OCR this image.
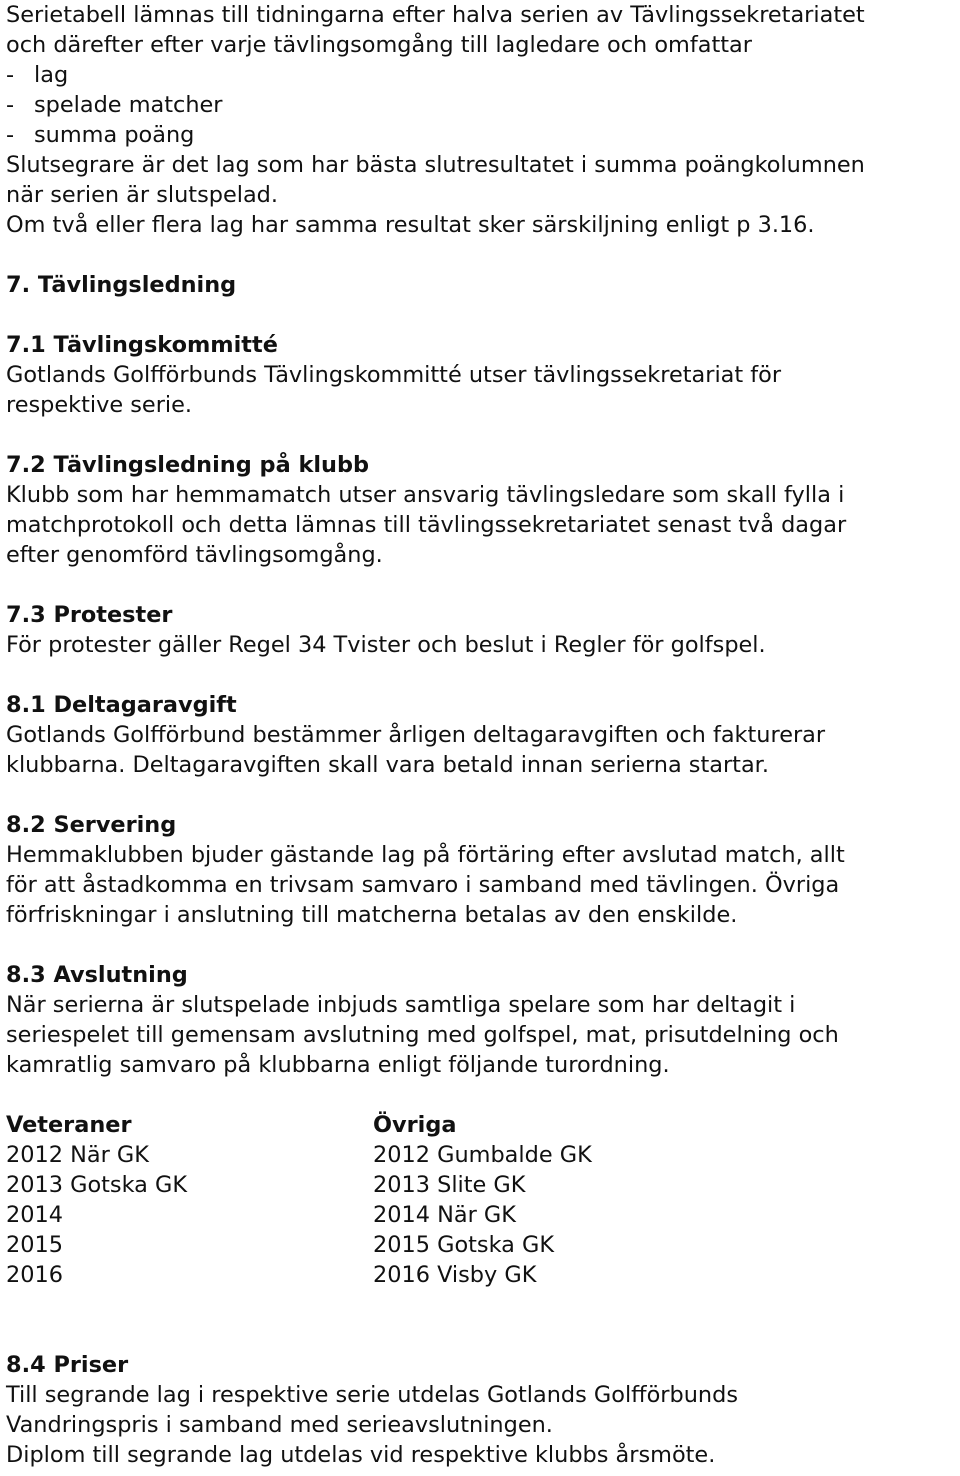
Serietabell lämnas till tidningarna efter halva serien av Tävlingssekretariatet
och därefter efter varje tävlingsomgång till lagledare och omfattar
- lag
- spelade matcher
- summa poäng
Slutsegrare är det lag som har bästa slutresultatet i summa poängkolumnen
när serien är slutspelad.
Om två eller flera lag har samma resultat sker särskiljning enligt p 3.16.
7. Tävlingsledning
7.1 Tävlingskommitté
Gotlands Golfförbunds Tävlingskommitté utser tävlingssekretariat för
respektive serie.
7.2 Tävlingsledning på klubb
Klubb som har hemmamatch utser ansvarig tävlingsledare som skall fylla i
matchprotokoll och detta lämnas till tävlingssekretariatet senast två dagar
efter genomförd tävlingsomgång.
7.3 Protester
För protester gäller Regel 34 Tvister och beslut i Regler för golfspel.
8.1 Deltagaravgift
Gotlands Golfförbund bestämmer årligen deltagaravgiften och fakturerar
klubbarna. Deltagaravgiften skall vara betald innan serierna startar.
8.2 Servering
Hemmaklubben bjuder gästande lag på förtäring efter avslutad match, allt
för att åstadkomma en trivsam samvaro i samband med tävlingen. Övriga
förfriskningar i anslutning till matcherna betalas av den enskilde.
8.3 Avslutning
När serierna är slutspelade inbjuds samtliga spelare som har deltagit i
seriespelet till gemensam avslutning med golfspel, mat, prisutdelning och
kamratlig samvaro på klubbarna enligt följande turordning.
Veteraner
2012 När GK
2013 Gotska GK
2014
2015
2016
Övriga
2012 Gumbalde GK
2013 Slite GK
2014 När GK
2015 Gotska GK
2016 Visby GK
8.4 Priser
Till segrande lag i respektive serie utdelas Gotlands Golfförbunds
Vandringspris i samband med serieavslutningen.
Diplom till segrande lag utdelas vid respektive klubbs årsmöte.
